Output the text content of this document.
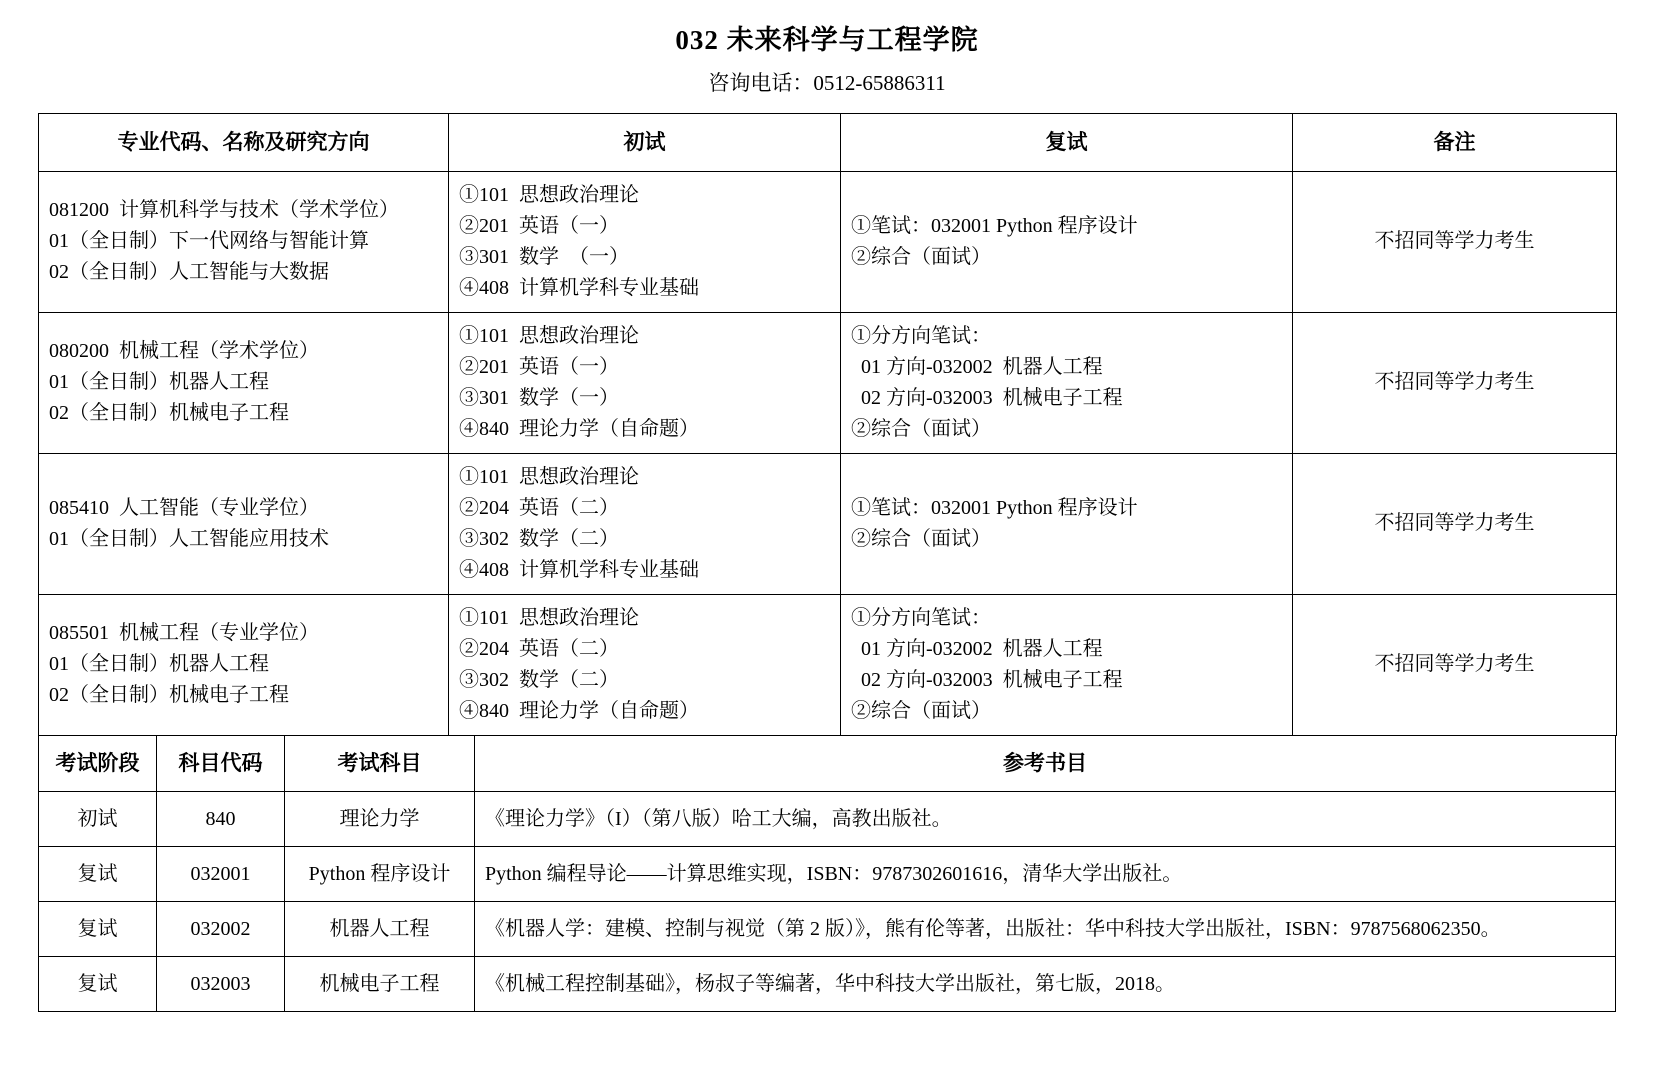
032 未来科学与工程学院
咨询电话：0512-65886311
专业代码、名称及研究方向	初试	复试	备注

081200  计算机科学与技术（学术学位）
01（全日制）下一代网络与智能计算
02（全日制）人工智能与大数据	①101  思想政治理论
②201  英语（一）
③301  数学  （一）
④408  计算机学科专业基础	①笔试：032001 Python 程序设计
②综合（面试）	不招同等学力考生

080200  机械工程（学术学位）
01（全日制）机器人工程
02（全日制）机械电子工程	①101  思想政治理论
②201  英语（一）
③301  数学（一）
④840  理论力学（自命题）	①分方向笔试：
01 方向-032002  机器人工程
02 方向-032003  机械电子工程
②综合（面试）	不招同等学力考生

085410  人工智能（专业学位）
01（全日制）人工智能应用技术	①101  思想政治理论
②204  英语（二）
③302  数学（二）
④408  计算机学科专业基础	①笔试：032001 Python 程序设计
②综合（面试）	不招同等学力考生

085501  机械工程（专业学位）
01（全日制）机器人工程
02（全日制）机械电子工程	①101  思想政治理论
②204  英语（二）
③302  数学（二）
④840  理论力学（自命题）	①分方向笔试：
01 方向-032002  机器人工程
02 方向-032003  机械电子工程
②综合（面试）	不招同等学力考生
考试阶段	科目代码	考试科目	参考书目
初试	840	理论力学	《理论力学》（I）（第八版）哈工大编，高教出版社。
复试	032001	Python 程序设计	Python 编程导论——计算思维实现，ISBN：9787302601616，清华大学出版社。
复试	032002	机器人工程	《机器人学：建模、控制与视觉（第 2 版）》，熊有伦等著，出版社：华中科技大学出版社，ISBN：9787568062350。
复试	032003	机械电子工程	《机械工程控制基础》，杨叔子等编著，华中科技大学出版社，第七版，2018。
